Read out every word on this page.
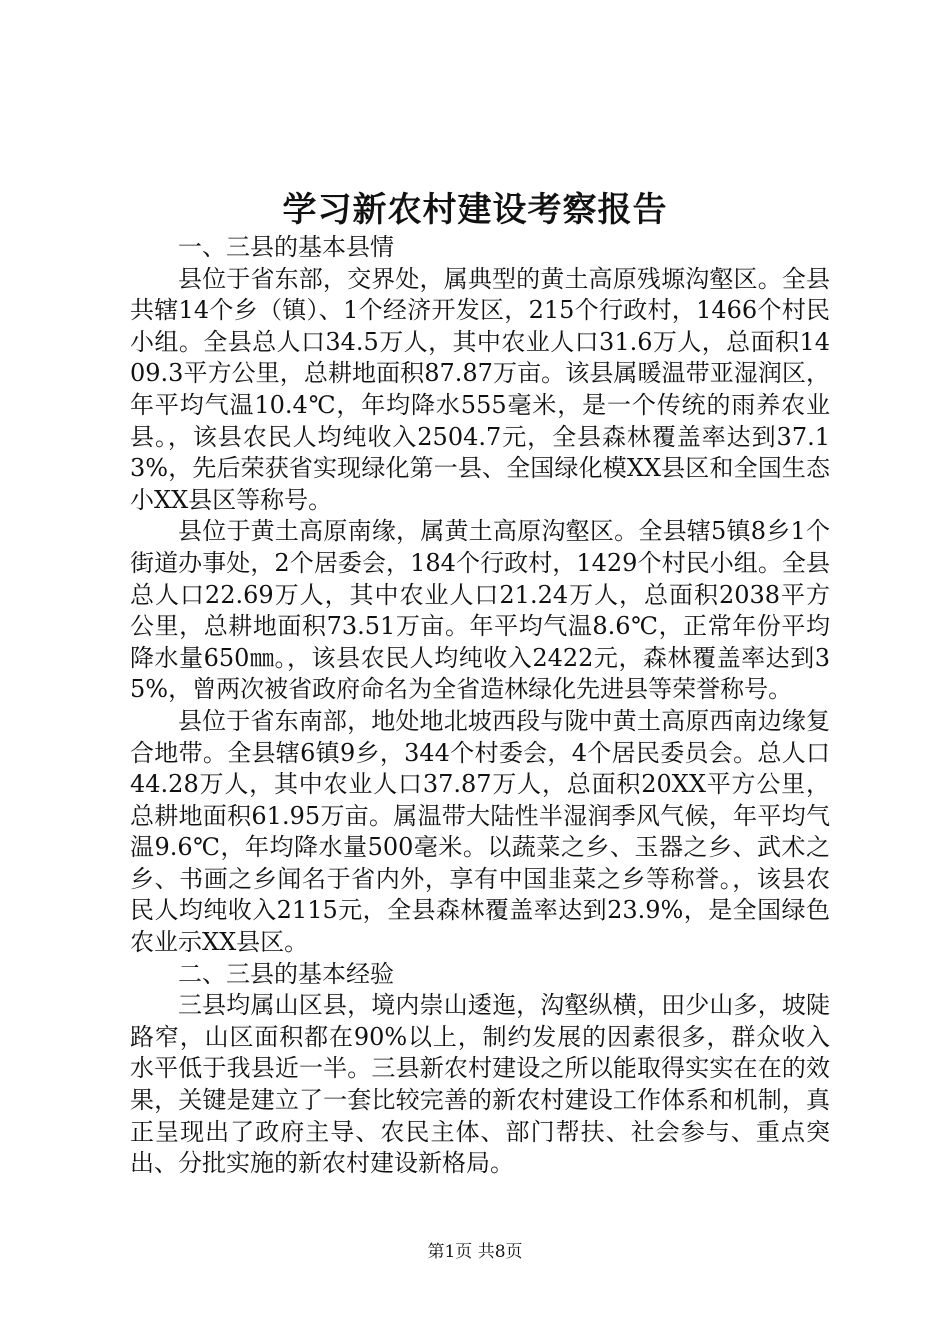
学习新农村建设考察报告

一、三县的基本县情

县位于省东部，交界处，属典型的黄土高原残塬沟壑区。全县共辖14个乡（镇）、1个经济开发区，215个行政村，1466个村民小组。全县总人口34.5万人，其中农业人口31.6万人，总面积1409.3平方公里，总耕地面积87.87万亩。该县属暖温带亚湿润区，年平均气温10.4℃，年均降水555毫米，是一个传统的雨养农业县。，该县农民人均纯收入2504.7元，全县森林覆盖率达到37.13%，先后荣获省实现绿化第一县、全国绿化模XX县区和全国生态小XX县区等称号。

县位于黄土高原南缘，属黄土高原沟壑区。全县辖5镇8乡1个街道办事处，2个居委会，184个行政村，1429个村民小组。全县总人口22.69万人，其中农业人口21.24万人，总面积2038平方公里，总耕地面积73.51万亩。年平均气温8.6℃，正常年份平均降水量650㎜。，该县农民人均纯收入2422元，森林覆盖率达到35%，曾两次被省政府命名为全省造林绿化先进县等荣誉称号。

县位于省东南部，地处地北坡西段与陇中黄土高原西南边缘复合地带。全县辖6镇9乡，344个村委会，4个居民委员会。总人口44.28万人，其中农业人口37.87万人，总面积20XX平方公里，总耕地面积61.95万亩。属温带大陆性半湿润季风气候，年平均气温9.6℃，年均降水量500毫米。以蔬菜之乡、玉器之乡、武术之乡、书画之乡闻名于省内外，享有中国韭菜之乡等称誉。，该县农民人均纯收入2115元，全县森林覆盖率达到23.9%，是全国绿色农业示XX县区。

二、三县的基本经验

三县均属山区县，境内崇山逶迤，沟壑纵横，田少山多，坡陡路窄，山区面积都在90%以上，制约发展的因素很多，群众收入水平低于我县近一半。三县新农村建设之所以能取得实实在在的效果，关键是建立了一套比较完善的新农村建设工作体系和机制，真正呈现出了政府主导、农民主体、部门帮扶、社会参与、重点突出、分批实施的新农村建设新格局。

第1页 共8页
